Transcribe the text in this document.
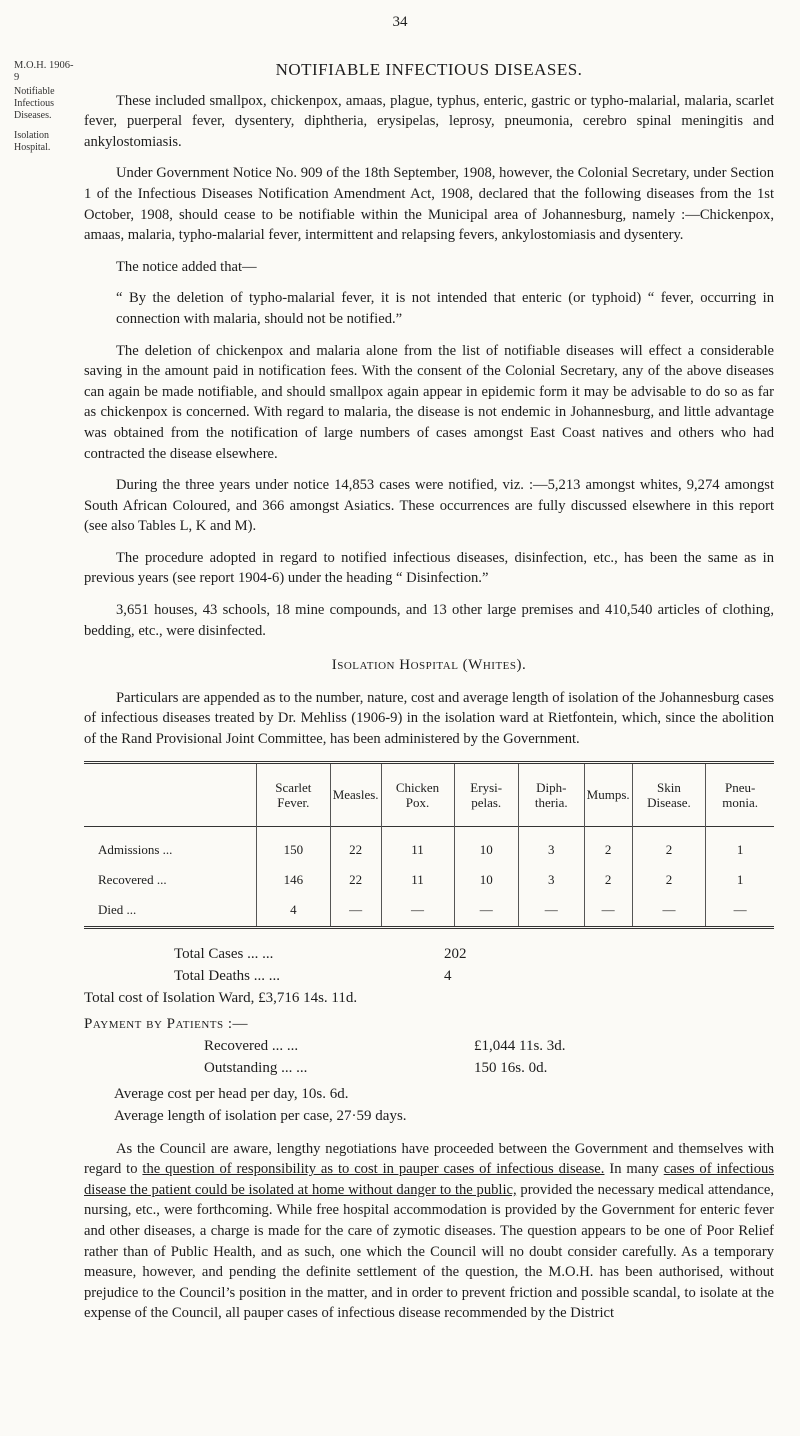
34
M.O.H. 1906-9
Notifiable Infectious Diseases.
Isolation Hospital.
NOTIFIABLE INFECTIOUS DISEASES.

These included smallpox, chickenpox, amaas, plague, typhus, enteric, gastric or typho-malarial, malaria, scarlet fever, puerperal fever, dysentery, diphtheria, erysipelas, leprosy, pneumonia, cerebro spinal meningitis and ankylostomiasis.

Under Government Notice No. 909 of the 18th September, 1908, however, the Colonial Secretary, under Section 1 of the Infectious Diseases Notification Amendment Act, 1908, declared that the following diseases from the 1st October, 1908, should cease to be notifiable within the Municipal area of Johannesburg, namely :—Chickenpox, amaas, malaria, typho-malarial fever, intermittent and relapsing fevers, ankylostomiasis and dysentery.

The notice added that—

“ By the deletion of typho-malarial fever, it is not intended that enteric (or typhoid) “ fever, occurring in connection with malaria, should not be notified.”

The deletion of chickenpox and malaria alone from the list of notifiable diseases will effect a considerable saving in the amount paid in notification fees. With the consent of the Colonial Secretary, any of the above diseases can again be made notifiable, and should smallpox again appear in epidemic form it may be advisable to do so as far as chickenpox is concerned. With regard to malaria, the disease is not endemic in Johannesburg, and little advantage was obtained from the notification of large numbers of cases amongst East Coast natives and others who had contracted the disease elsewhere.

During the three years under notice 14,853 cases were notified, viz. :—5,213 amongst whites, 9,274 amongst South African Coloured, and 366 amongst Asiatics. These occurrences are fully discussed elsewhere in this report (see also Tables L, K and M).

The procedure adopted in regard to notified infectious diseases, disinfection, etc., has been the same as in previous years (see report 1904-6) under the heading “ Disinfection.”

3,651 houses, 43 schools, 18 mine compounds, and 13 other large premises and 410,540 articles of clothing, bedding, etc., were disinfected.

Isolation Hospital (Whites).

Particulars are appended as to the number, nature, cost and average length of isolation of the Johannesburg cases of infectious diseases treated by Dr. Mehliss (1906-9) in the isolation ward at Rietfontein, which, since the abolition of the Rand Provisional Joint Committee, has been administered by the Government.

	Scarlet Fever.	Measles.	Chicken Pox.	Erysi-pelas.	Diph-theria.	Mumps.	Skin Disease.	Pneu-monia.
Admissions ...	150	22	11	10	3	2	2	1
Recovered ...	146	22	11	10	3	2	2	1
Died ...	4	—	—	—	—	—	—	—
Total Cases ... ...	202
Total Deaths ... ...	4
Total cost of Isolation Ward, £3,716 14s. 11d.
Payment by Patients :—
Recovered ... ...	£1,044 11s. 3d.
Outstanding ... ...	150 16s. 0d.
Average cost per head per day, 10s. 6d.
Average length of isolation per case, 27·59 days.

As the Council are aware, lengthy negotiations have proceeded between the Government and themselves with regard to the question of responsibility as to cost in pauper cases of infectious disease. In many cases of infectious disease the patient could be isolated at home without danger to the public, provided the necessary medical attendance, nursing, etc., were forthcoming. While free hospital accommodation is provided by the Government for enteric fever and other diseases, a charge is made for the care of zymotic diseases. The question appears to be one of Poor Relief rather than of Public Health, and as such, one which the Council will no doubt consider carefully. As a temporary measure, however, and pending the definite settlement of the question, the M.O.H. has been authorised, without prejudice to the Council’s position in the matter, and in order to prevent friction and possible scandal, to isolate at the expense of the Council, all pauper cases of infectious disease recommended by the District
